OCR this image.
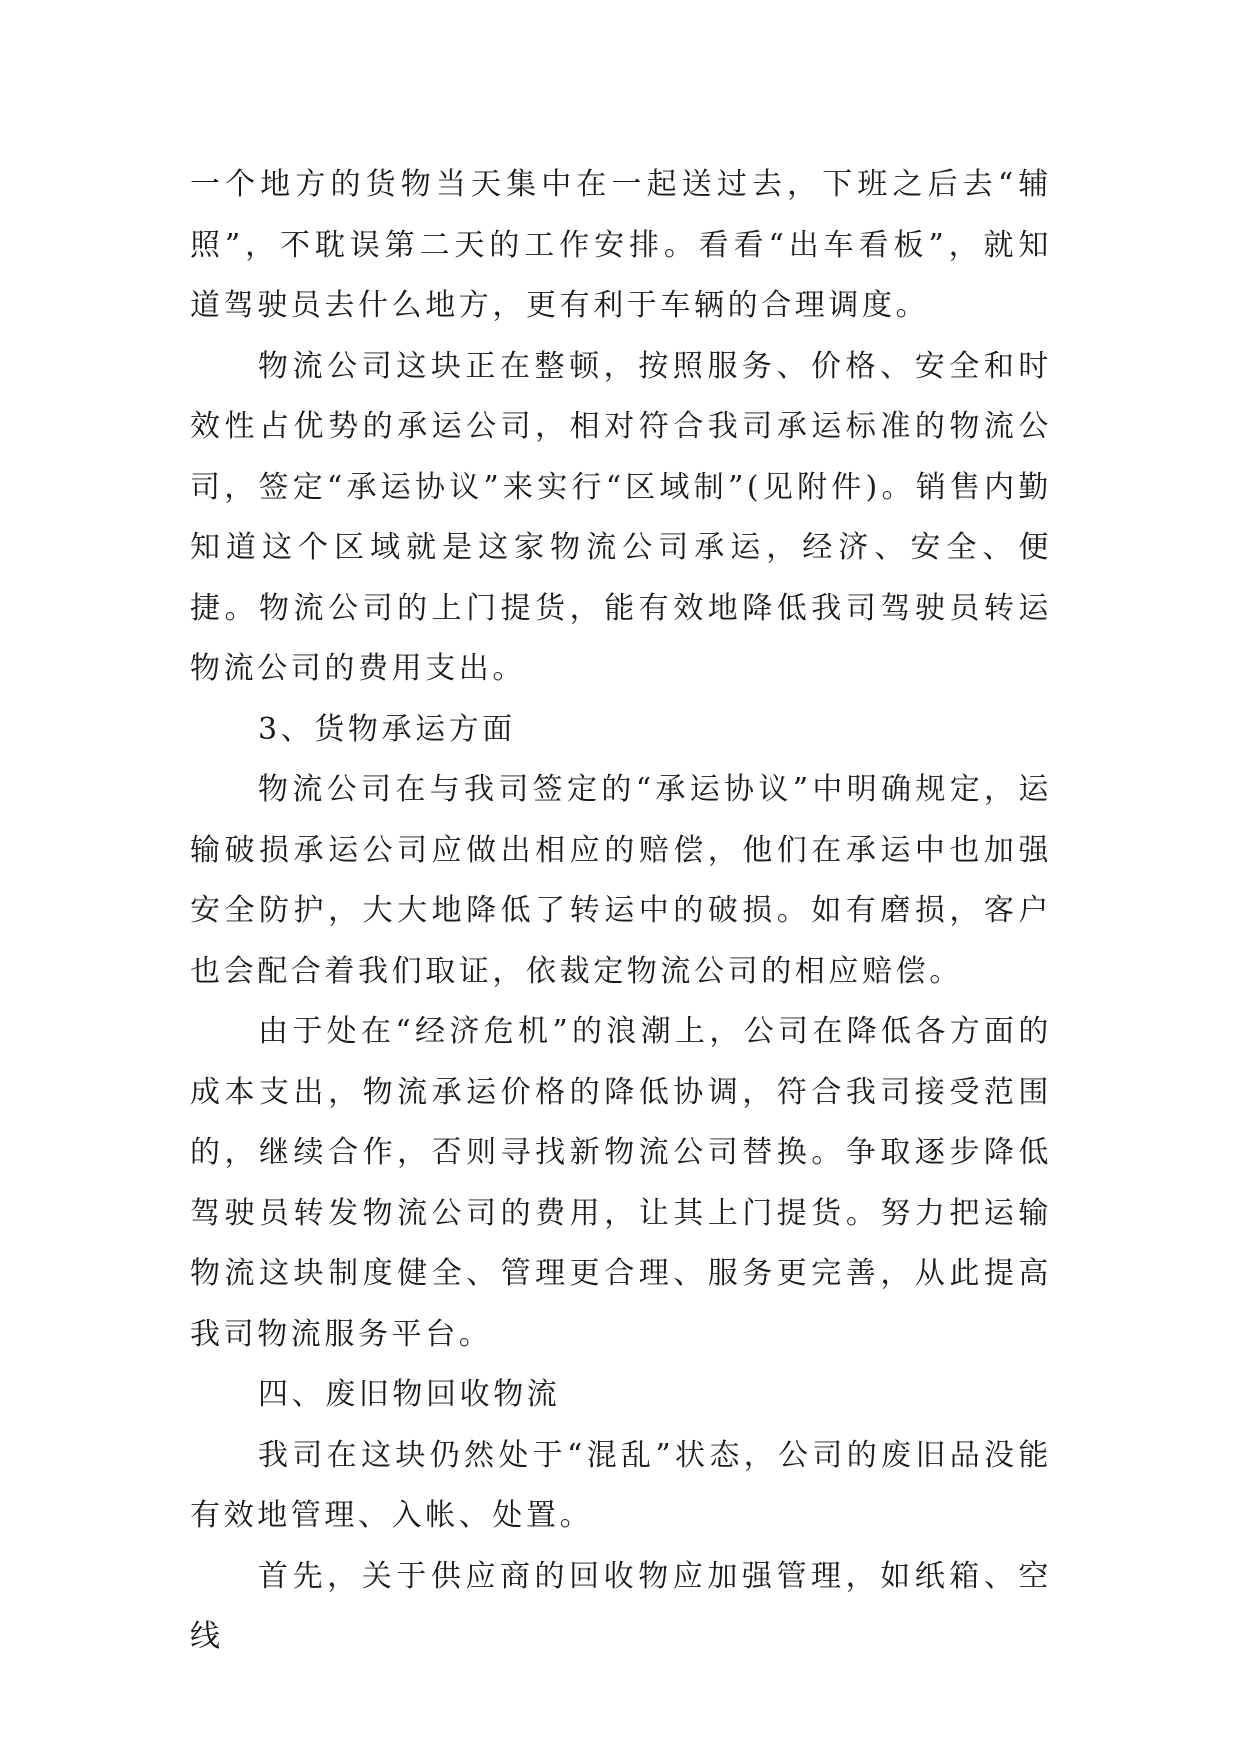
一个地方的货物当天集中在一起送过去，下班之后去“辅照”，不耽误第二天的工作安排。看看“出车看板”，就知道驾驶员去什么地方，更有利于车辆的合理调度。

物流公司这块正在整顿，按照服务、价格、安全和时效性占优势的承运公司，相对符合我司承运标准的物流公司，签定“承运协议”来实行“区域制”(见附件)。销售内勤知道这个区域就是这家物流公司承运，经济、安全、便捷。物流公司的上门提货，能有效地降低我司驾驶员转运物流公司的费用支出。

3、货物承运方面

物流公司在与我司签定的“承运协议”中明确规定，运输破损承运公司应做出相应的赔偿，他们在承运中也加强安全防护，大大地降低了转运中的破损。如有磨损，客户也会配合着我们取证，依裁定物流公司的相应赔偿。

由于处在“经济危机”的浪潮上，公司在降低各方面的成本支出，物流承运价格的降低协调，符合我司接受范围的，继续合作，否则寻找新物流公司替换。争取逐步降低驾驶员转发物流公司的费用，让其上门提货。努力把运输物流这块制度健全、管理更合理、服务更完善，从此提高我司物流服务平台。

四、废旧物回收物流

我司在这块仍然处于“混乱”状态，公司的废旧品没能有效地管理、入帐、处置。

首先，关于供应商的回收物应加强管理，如纸箱、空线
